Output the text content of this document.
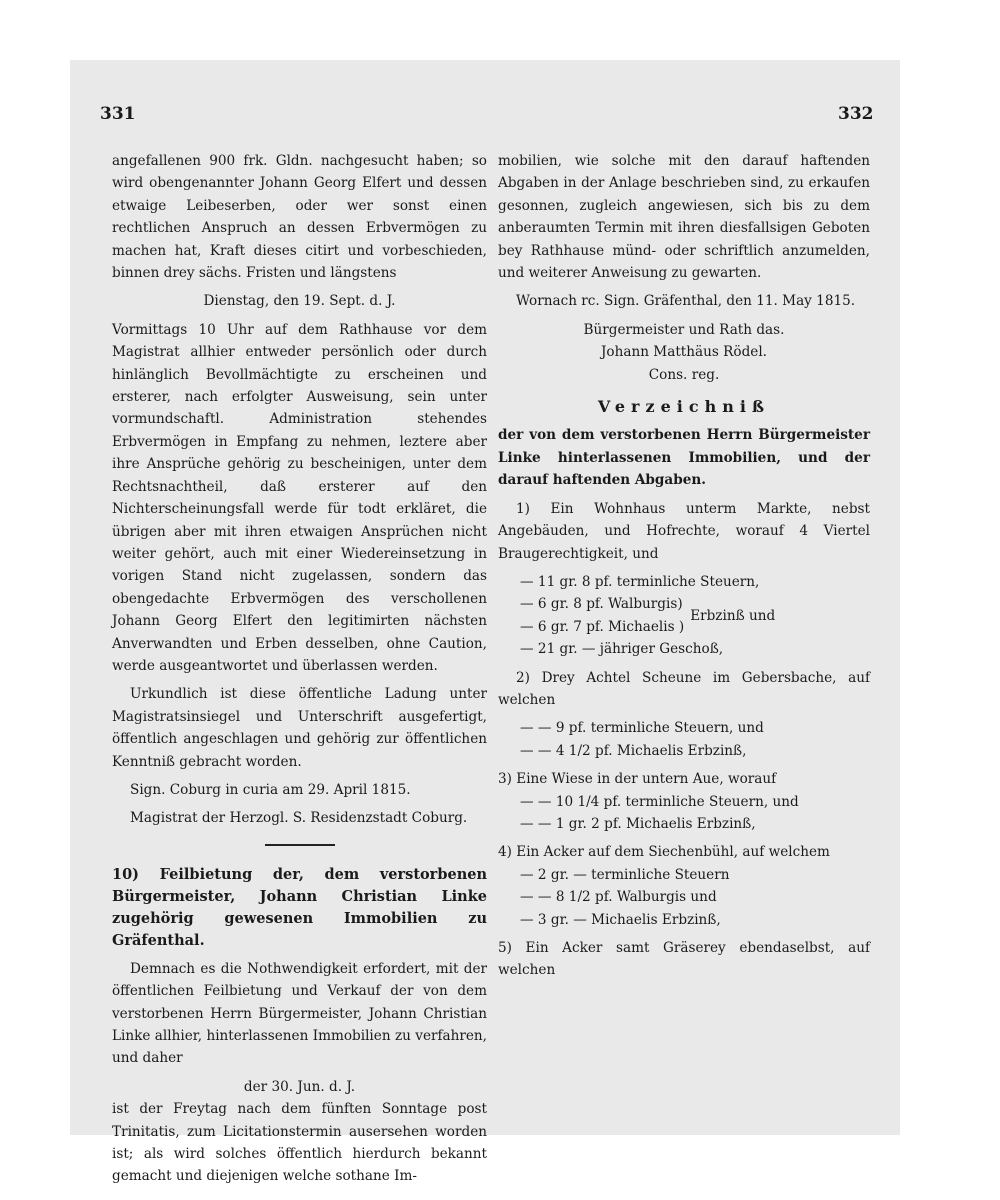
331	332

angefallenen 900 frk. Gldn. nachgesucht haben; so wird obengenannter Johann Georg Elfert und dessen etwaige Leibeserben, oder wer sonst einen rechtlichen Anspruch an dessen Erbvermögen zu machen hat, Kraft dieses citirt und vorbeschieden, binnen drey sächs. Fristen und längstens

Dienstag, den 19. Sept. d. J.

Vormittags 10 Uhr auf dem Rathhause vor dem Magistrat allhier entweder persönlich oder durch hinlänglich Bevollmächtigte zu erscheinen und ersterer, nach erfolgter Ausweisung, sein unter vormundschaftl. Administration stehendes Erbvermögen in Empfang zu nehmen, leztere aber ihre Ansprüche gehörig zu bescheinigen, unter dem Rechtsnachtheil, daß ersterer auf den Nichterscheinungsfall werde für todt erkläret, die übrigen aber mit ihren etwaigen Ansprüchen nicht weiter gehört, auch mit einer Wiedereinsetzung in vorigen Stand nicht zugelassen, sondern das obengedachte Erbvermögen des verschollenen Johann Georg Elfert den legitimirten nächsten Anverwandten und Erben desselben, ohne Caution, werde ausgeantwortet und überlassen werden.

Urkundlich ist diese öffentliche Ladung unter Magistratsinsiegel und Unterschrift ausgefertigt, öffentlich angeschlagen und gehörig zur öffentlichen Kenntniß gebracht worden.

Sign. Coburg in curia am 29. April 1815.

Magistrat der Herzogl. S. Residenzstadt Coburg.

10) Feilbietung der, dem verstorbenen Bürgermeister, Johann Christian Linke zugehörig gewesenen Immobilien zu Gräfenthal.

Demnach es die Nothwendigkeit erfordert, mit der öffentlichen Feilbietung und Verkauf der von dem verstorbenen Herrn Bürgermeister, Johann Christian Linke allhier, hinterlassenen Immobilien zu verfahren, und daher

der 30. Jun. d. J.

ist der Freytag nach dem fünften Sonntage post Trinitatis, zum Licitationstermin ausersehen worden ist; als wird solches öffentlich hierdurch bekannt gemacht und diejenigen welche sothane Im-

mobilien, wie solche mit den darauf haftenden Abgaben in der Anlage beschrieben sind, zu erkaufen gesonnen, zugleich angewiesen, sich bis zu dem anberaumten Termin mit ihren diesfallsigen Geboten bey Rathhause münd- oder schriftlich anzumelden, und weiterer Anweisung zu gewarten.

Wornach rc. Sign. Gräfenthal, den 11. May 1815.

Bürgermeister und Rath das.

Johann Matthäus Rödel.

Cons. reg.

Verzeichniß

der von dem verstorbenen Herrn Bürgermeister Linke hinterlassenen Immobilien, und der darauf haftenden Abgaben.

1) Ein Wohnhaus unterm Markte, nebst Angebäuden, und Hofrechte, worauf 4 Viertel Braugerechtigkeit, und

— 11 gr. 8 pf. terminliche Steuern,

— 6 gr. 8 pf. Walburgis)

— 6 gr. 7 pf. Michaelis )

Erbzinß und

— 21 gr. — jähriger Geschoß,

2) Drey Achtel Scheune im Gebersbache, auf welchen

— — 9 pf. terminliche Steuern, und

— — 4 1/2 pf. Michaelis Erbzinß,

3) Eine Wiese in der untern Aue, worauf

— — 10 1/4 pf. terminliche Steuern, und

— — 1 gr. 2 pf. Michaelis Erbzinß,

4) Ein Acker auf dem Siechenbühl, auf welchem

— 2 gr. — terminliche Steuern

— — 8 1/2 pf. Walburgis und

— 3 gr. — Michaelis Erbzinß,

5) Ein Acker samt Gräserey ebendaselbst, auf welchen
